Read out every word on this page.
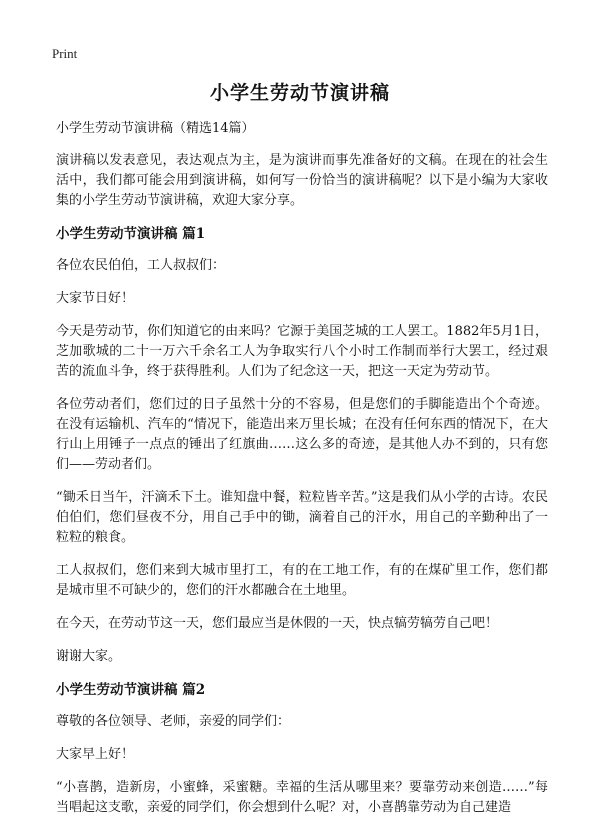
Print
小学生劳动节演讲稿

小学生劳动节演讲稿（精选14篇）

演讲稿以发表意见，表达观点为主，是为演讲而事先准备好的文稿。在现在的社会生活中，我们都可能会用到演讲稿，如何写一份恰当的演讲稿呢？以下是小编为大家收集的小学生劳动节演讲稿，欢迎大家分享。

小学生劳动节演讲稿 篇1

各位农民伯伯，工人叔叔们：

大家节日好！

今天是劳动节，你们知道它的由来吗？它源于美国芝城的工人罢工。1882年5月1日，芝加歌城的二十一万六千余名工人为争取实行八个小时工作制而举行大罢工，经过艰苦的流血斗争，终于获得胜利。人们为了纪念这一天，把这一天定为劳动节。

各位劳动者们，您们过的日子虽然十分的不容易，但是您们的手脚能造出个个奇迹。在没有运输机、汽车的“情况下，能造出来万里长城；在没有任何东西的情况下，在大行山上用锤子一点点的锤出了红旗曲……这么多的奇迹，是其他人办不到的，只有您们——劳动者们。

“锄禾日当午，汗滴禾下土。谁知盘中餐，粒粒皆辛苦。”这是我们从小学的古诗。农民伯伯们，您们昼夜不分，用自己手中的锄，滴着自己的汗水，用自己的辛勤种出了一粒粒的粮食。

工人叔叔们，您们来到大城市里打工，有的在工地工作，有的在煤矿里工作，您们都是城市里不可缺少的，您们的汗水都融合在土地里。

在今天，在劳动节这一天，您们最应当是休假的一天，快点犒劳犒劳自己吧！

谢谢大家。

小学生劳动节演讲稿 篇2

尊敬的各位领导、老师，亲爱的同学们：

大家早上好！

“小喜鹊，造新房，小蜜蜂，采蜜糖。幸福的生活从哪里来？要靠劳动来创造……”每当唱起这支歌，亲爱的同学们，你会想到什么呢？对，小喜鹊靠劳动为自己建造
